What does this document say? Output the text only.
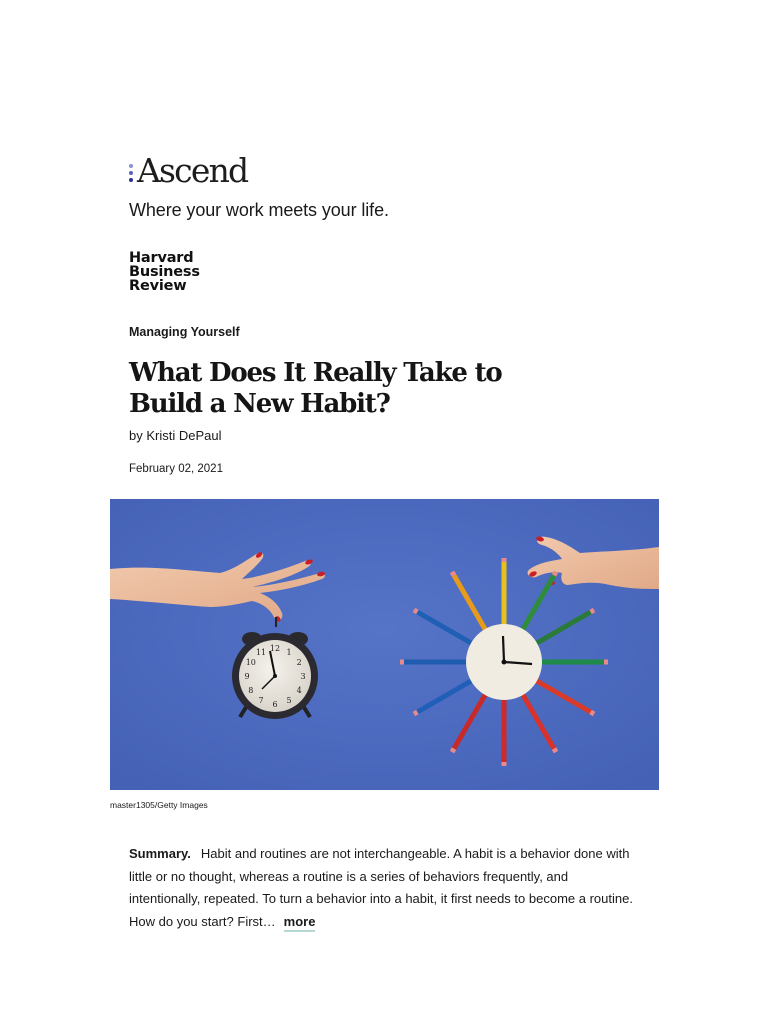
Ascend
Where your work meets your life.
Harvard
Business
Review
Managing Yourself
What Does It Really Take to Build a New Habit?
by Kristi DePaul
February 02, 2021
12 1
2
3
4
5
6
7
8
9
10
11
master1305/Getty Images
Summary. Habit and routines are not interchangeable. A habit is a behavior done with little or no thought, whereas a routine is a series of behaviors frequently, and intentionally, repeated. To turn a behavior into a habit, it first needs to become a routine. How do you start? First… more
